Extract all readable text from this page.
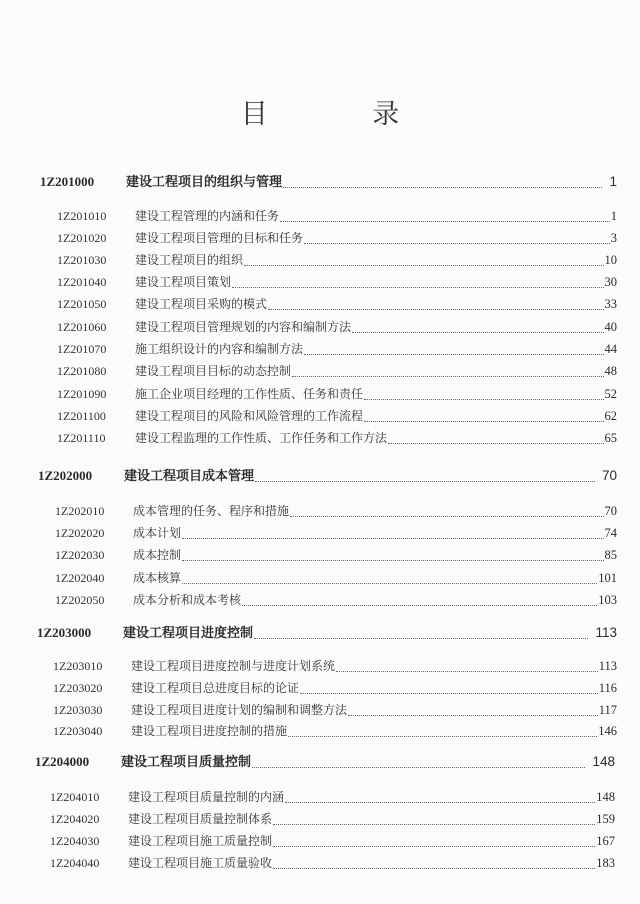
目 录
1Z201000	建设工程项目的组织与管理	1
1Z201010	建设工程管理的内涵和任务	1
1Z201020	建设工程项目管理的目标和任务	3
1Z201030	建设工程项目的组织	10
1Z201040	建设工程项目策划	30
1Z201050	建设工程项目采购的模式	33
1Z201060	建设工程项目管理规划的内容和编制方法	40
1Z201070	施工组织设计的内容和编制方法	44
1Z201080	建设工程项目目标的动态控制	48
1Z201090	施工企业项目经理的工作性质、任务和责任	52
1Z201100	建设工程项目的风险和风险管理的工作流程	62
1Z201110	建设工程监理的工作性质、工作任务和工作方法	65
1Z202000	建设工程项目成本管理	70
1Z202010	成本管理的任务、程序和措施	70
1Z202020	成本计划	74
1Z202030	成本控制	85
1Z202040	成本核算	101
1Z202050	成本分析和成本考核	103
1Z203000	建设工程项目进度控制	113
1Z203010	建设工程项目进度控制与进度计划系统	113
1Z203020	建设工程项目总进度目标的论证	116
1Z203030	建设工程项目进度计划的编制和调整方法	117
1Z203040	建设工程项目进度控制的措施	146
1Z204000	建设工程项目质量控制	148
1Z204010	建设工程项目质量控制的内涵	148
1Z204020	建设工程项目质量控制体系	159
1Z204030	建设工程项目施工质量控制	167
1Z204040	建设工程项目施工质量验收	183
